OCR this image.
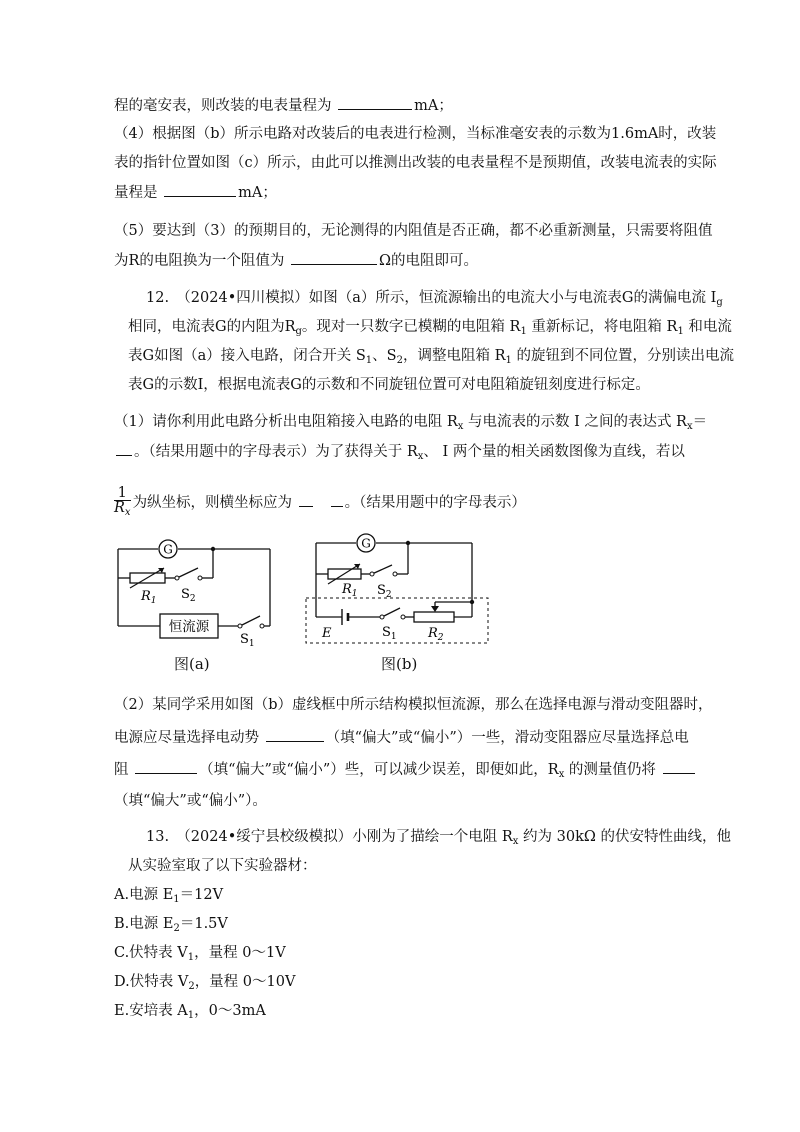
程的毫安表，则改装的电表量程为	mA；
（4）根据图（b）所示电路对改装后的电表进行检测，当标准毫安表的示数为1.6mA时，改装
表的指针位置如图（c）所示，由此可以推测出改装的电表量程不是预期值，改装电流表的实际
量程是	mA；
（5）要达到（3）的预期目的，无论测得的内阻值是否正确，都不必重新测量，只需要将阻值
为R的电阻换为一个阻值为	Ω的电阻即可。
12.　（2024•四川模拟）如图（a）所示，恒流源输出的电流大小与电流表G的满偏电流 $I_g$
相同，电流表G的内阻为$R_g$。现对一只数字已模糊的电阻箱 $R_1$ 重新标记，将电阻箱 $R_1$ 和电流
表G如图（a）接入电路，闭合开关 $S_1$、$S_2$，调整电阻箱 $R_1$ 的旋钮到不同位置，分别读出电流
表G的示数I，根据电流表G的示数和不同旋钮位置可对电阻箱旋钮刻度进行标定。
（1）请你利用此电路分析出电阻箱接入电路的电阻 $R_x$ 与电流表的示数 I 之间的表达式 $R_x=$
。（结果用题中的字母表示）为了获得关于 $R_x$、 I 两个量的相关函数图像为直线，若以
$\frac{1}{R_x}$ 为纵坐标，则横坐标应为	。（结果用题中的字母表示）
G
$R_1$ $S_2$
恒流源
$S_1$
图(a)
G
$R_1$ $S_2$
E	$S_1$ $R_2$
图(b)
（2）某同学采用如图（b）虚线框中所示结构模拟恒流源，那么在选择电源与滑动变阻器时，
电源应尽量选择电动势	（填“偏大”或“偏小”）一些，滑动变阻器应尽量选择总电
阻	（填“偏大”或“偏小”）些，可以减少误差，即便如此，$R_x$ 的测量值仍将
（填“偏大”或“偏小”）。
13.　（2024•绥宁县校级模拟）小刚为了描绘一个电阻 $R_x$ 约为 30kΩ 的伏安特性曲线，他
从实验室取了以下实验器材：
A.电源 $E_1=12V$
B.电源 $E_2=1.5V$
C.伏特表 $V_1$，量程 0～1V
D.伏特表 $V_2$，量程 0～10V
E.安培表 $A_1$，0～3mA
